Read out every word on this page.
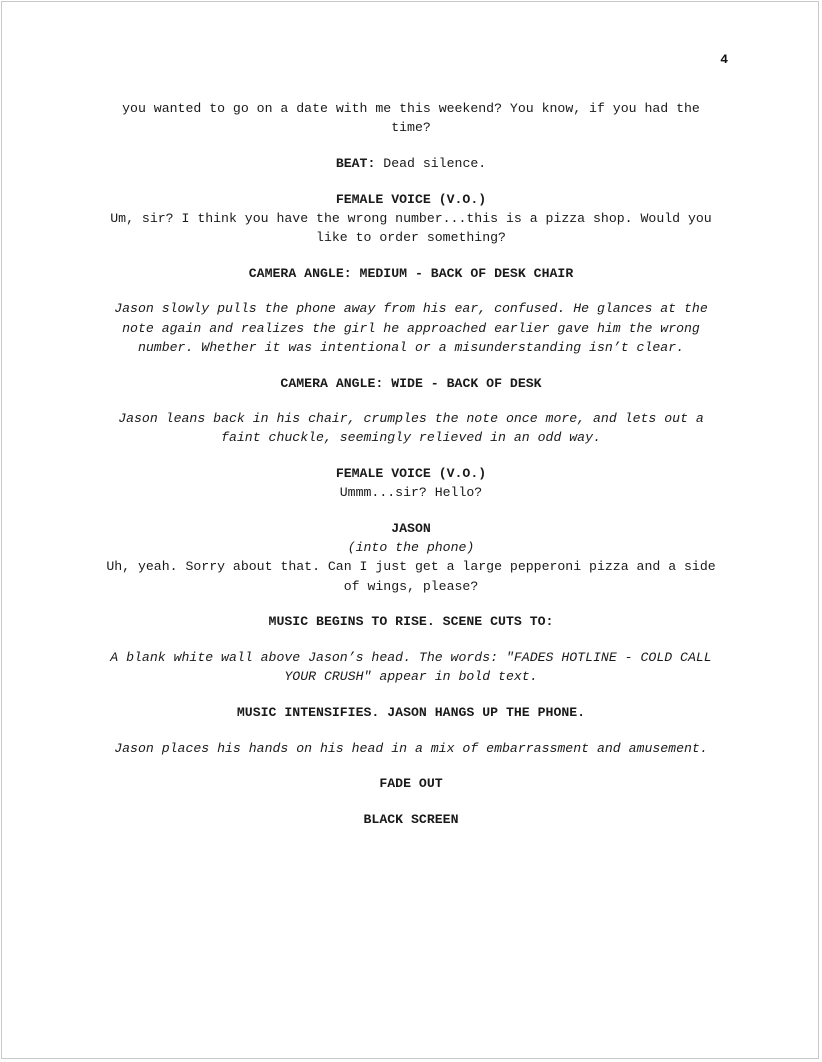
4

you wanted to go on a date with me this weekend? You know, if you had the time?

BEAT: Dead silence.

FEMALE VOICE (V.O.)

Um, sir? I think you have the wrong number...this is a pizza shop. Would you like to order something?

CAMERA ANGLE: MEDIUM - BACK OF DESK CHAIR

Jason slowly pulls the phone away from his ear, confused. He glances at the note again and realizes the girl he approached earlier gave him the wrong number. Whether it was intentional or a misunderstanding isn’t clear.

CAMERA ANGLE: WIDE - BACK OF DESK

Jason leans back in his chair, crumples the note once more, and lets out a faint chuckle, seemingly relieved in an odd way.

FEMALE VOICE (V.O.)

Ummm...sir? Hello?

JASON

(into the phone)

Uh, yeah. Sorry about that. Can I just get a large pepperoni pizza and a side of wings, please?

MUSIC BEGINS TO RISE. SCENE CUTS TO:

A blank white wall above Jason’s head. The words: "FADES HOTLINE - COLD CALL YOUR CRUSH" appear in bold text.

MUSIC INTENSIFIES. JASON HANGS UP THE PHONE.

Jason places his hands on his head in a mix of embarrassment and amusement.

FADE OUT

BLACK SCREEN
